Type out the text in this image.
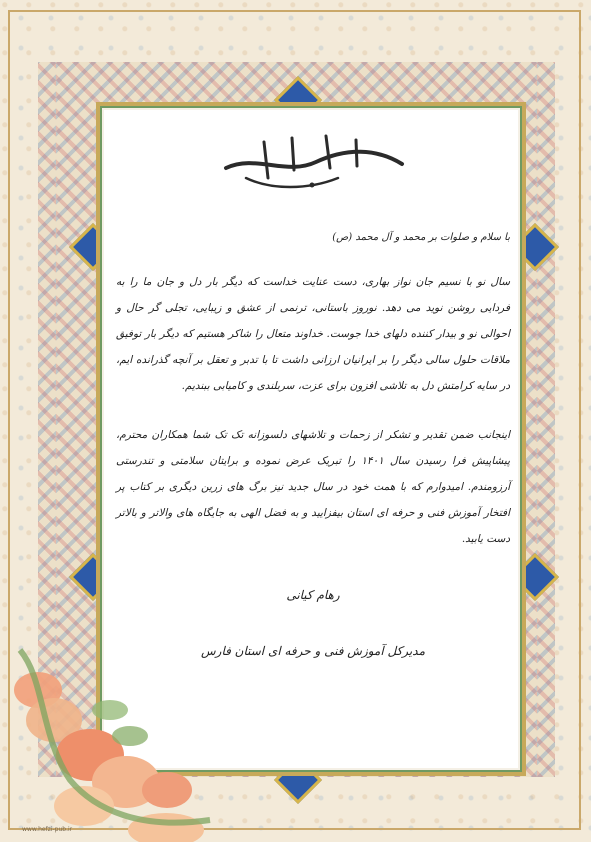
با سلام و صلوات بر محمد و آل محمد (ص)
سال نو با نسیم جان نواز بهاری، دست عنایت خداست که دیگر بار دل و جان ما را به فردایی روشن نوید می دهد. نوروز باستانی، ترنمی از عشق و زیبایی، تجلی گر حال و احوالی نو و بیدار کننده دلهای خدا جوست. خداوند متعال را شاکر هستیم که دیگر بار توفیق ملاقات حلول سالی دیگر را بر ایرانیان ارزانی داشت تا با تدبر و تعقل بر آنچه گذرانده ایم، در سایه کرامتش دل به تلاشی افزون برای عزت، سربلندی و کامیابی ببندیم.
اینجانب ضمن تقدیر و تشکر از زحمات و تلاشهای دلسوزانه تک تک شما همکاران محترم، پیشاپیش فرا رسیدن سال ۱۴۰۱ را تبریک عرض نموده و برایتان سلامتی و تندرستی آرزومندم. امیدوارم که با همت خود در سال جدید نیز برگ های زرین دیگری بر کتاب پر افتخار آموزش فنی و حرفه ای استان بیفزایید و به فضل الهی به جایگاه های والاتر و بالاتر دست یابید.
رهام کیانی
مدیرکل آموزش فنی و حرفه ای استان فارس
www.hefzi-pub.ir
